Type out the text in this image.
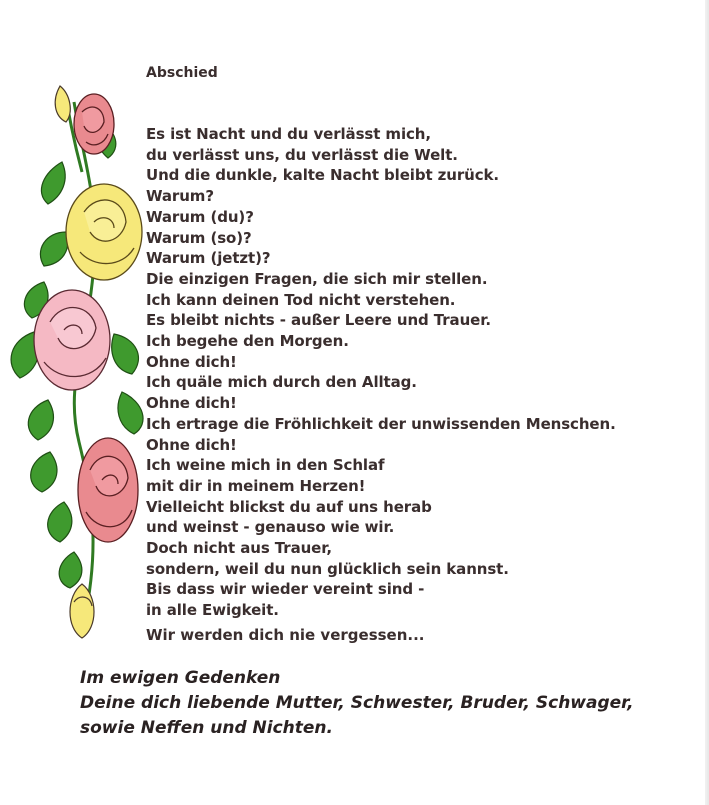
Abschied
Es ist Nacht und du verlässt mich,
du verlässt uns, du verlässt die Welt.
Und die dunkle, kalte Nacht bleibt zurück.
Warum?
Warum (du)?
Warum (so)?
Warum (jetzt)?
Die einzigen Fragen, die sich mir stellen.
Ich kann deinen Tod nicht verstehen.
Es bleibt nichts - außer Leere und Trauer.
Ich begehe den Morgen.
Ohne dich!
Ich quäle mich durch den Alltag.
Ohne dich!
Ich ertrage die Fröhlichkeit der unwissenden Menschen.
Ohne dich!
Ich weine mich in den Schlaf
mit dir in meinem Herzen!
Vielleicht blickst du auf uns herab
und weinst - genauso wie wir.
Doch nicht aus Trauer,
sondern, weil du nun glücklich sein kannst.
Bis dass wir wieder vereint sind -
in alle Ewigkeit.

Wir werden dich nie vergessen...

Im ewigen Gedenken
Deine dich liebende Mutter, Schwester, Bruder, Schwager,
sowie Neffen und Nichten.
